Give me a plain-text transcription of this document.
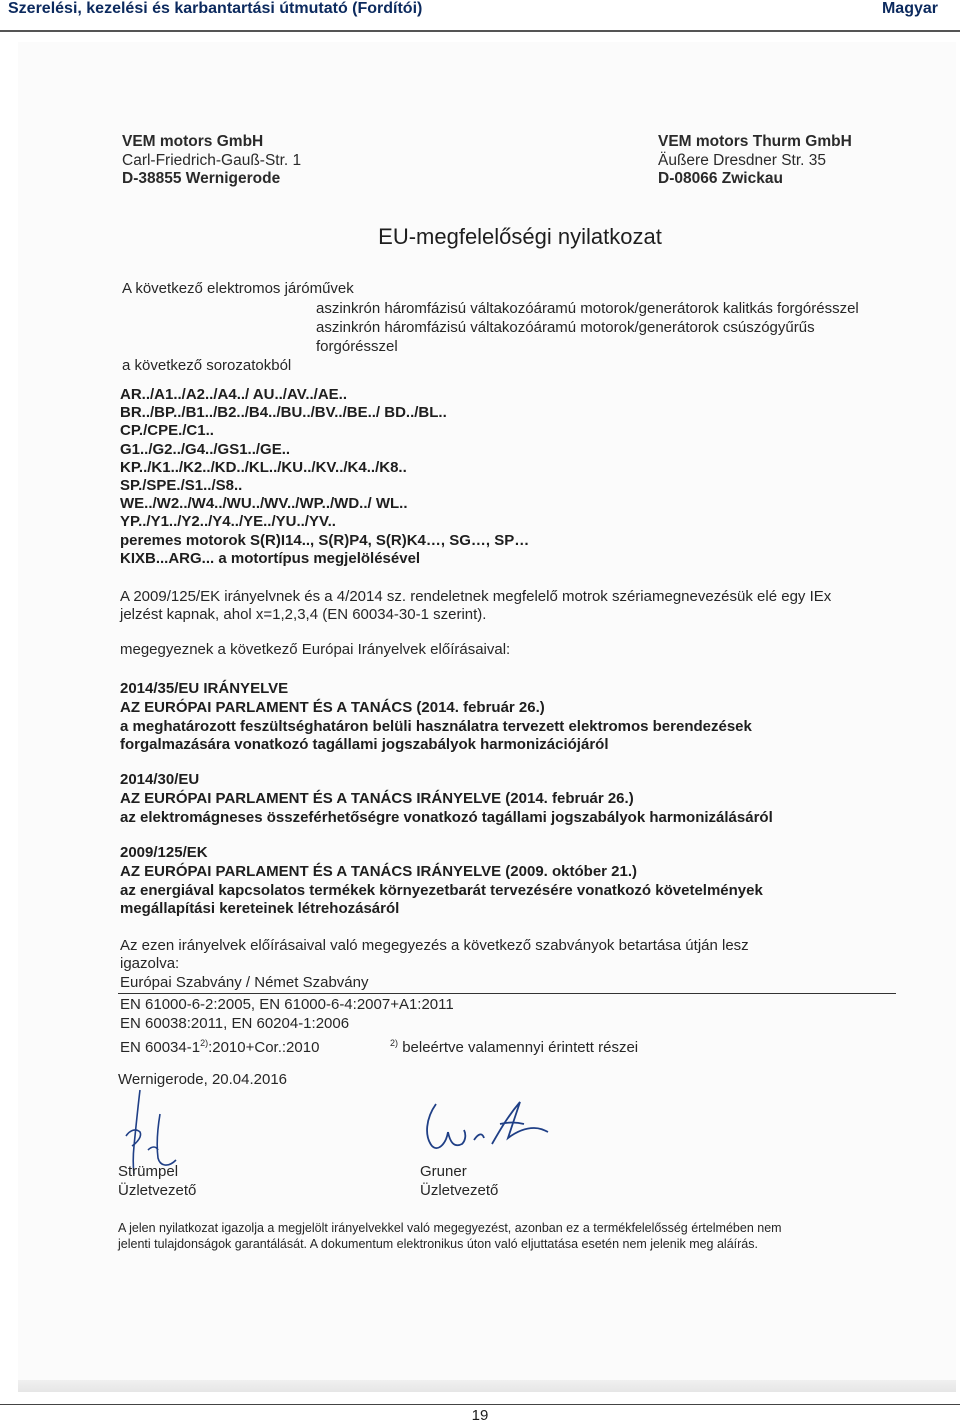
Szerelési, kezelési és karbantartási útmutató (Fordítói)	Magyar
VEM motors GmbH
Carl-Friedrich-Gauß-Str. 1
D-38855 Wernigerode
VEM motors Thurm GmbH
Äußere Dresdner Str. 35
D-08066 Zwickau
EU-megfelelőségi nyilatkozat
A következő elektromos járóművek
aszinkrón háromfázisú váltakozóáramú motorok/generátorok kalitkás forgórésszel
aszinkrón háromfázisú váltakozóáramú motorok/generátorok csúszógyűrűs
forgórésszel
a következő sorozatokból
AR../A1../A2../A4../ AU../AV../AE..
BR../BP../B1../B2../B4../BU../BV../BE../ BD../BL..
CP./CPE./C1..
G1../G2../G4../GS1../GE..
KP../K1../K2../KD../KL../KU../KV../K4../K8..
SP./SPE./S1../S8..
WE../W2../W4../WU../WV../WP../WD../ WL..
YP../Y1../Y2../Y4../YE../YU../YV..
peremes motorok S(R)I14.., S(R)P4, S(R)K4…, SG…, SP…
KIXB...ARG... a motortípus megjelölésével
A 2009/125/EK irányelvnek és a 4/2014 sz. rendeletnek megfelelő motrok szériamegnevezésük elé egy IEx
jelzést kapnak, ahol x=1,2,3,4 (EN 60034-30-1 szerint).
megegyeznek a következő Európai Irányelvek előírásaival:
2014/35/EU IRÁNYELVE
AZ EURÓPAI PARLAMENT ÉS A TANÁCS (2014. február 26.)
a meghatározott feszültséghatáron belüli használatra tervezett elektromos berendezések
forgalmazására vonatkozó tagállami jogszabályok harmonizációjáról
2014/30/EU
AZ EURÓPAI PARLAMENT ÉS A TANÁCS IRÁNYELVE (2014. február 26.)
az elektromágneses összeférhetőségre vonatkozó tagállami jogszabályok harmonizálásáról
2009/125/EK
AZ EURÓPAI PARLAMENT ÉS A TANÁCS IRÁNYELVE (2009. október 21.)
az energiával kapcsolatos termékek környezetbarát tervezésére vonatkozó követelmények
megállapítási kereteinek létrehozásáról
Az ezen irányelvek előírásaival való megegyezés a következő szabványok betartása útján lesz
igazolva:
Európai Szabvány / Német Szabvány
EN 61000-6-2:2005, EN 61000-6-4:2007+A1:2011
EN 60038:2011, EN 60204-1:2006
EN $60034-1^{2)}:2010+Cor.:2010$	$^{2)}$ beleértve valamennyi érintett részei
Wernigerode, 20.04.2016
Strümpel
Üzletvezető
Gruner
Üzletvezető
A jelen nyilatkozat igazolja a megjelölt irányelvekkel való megegyezést, azonban ez a termékfelelősség értelmében nem
jelenti tulajdonságok garantálását. A dokumentum elektronikus úton való eljuttatása esetén nem jelenik meg aláírás.
19
